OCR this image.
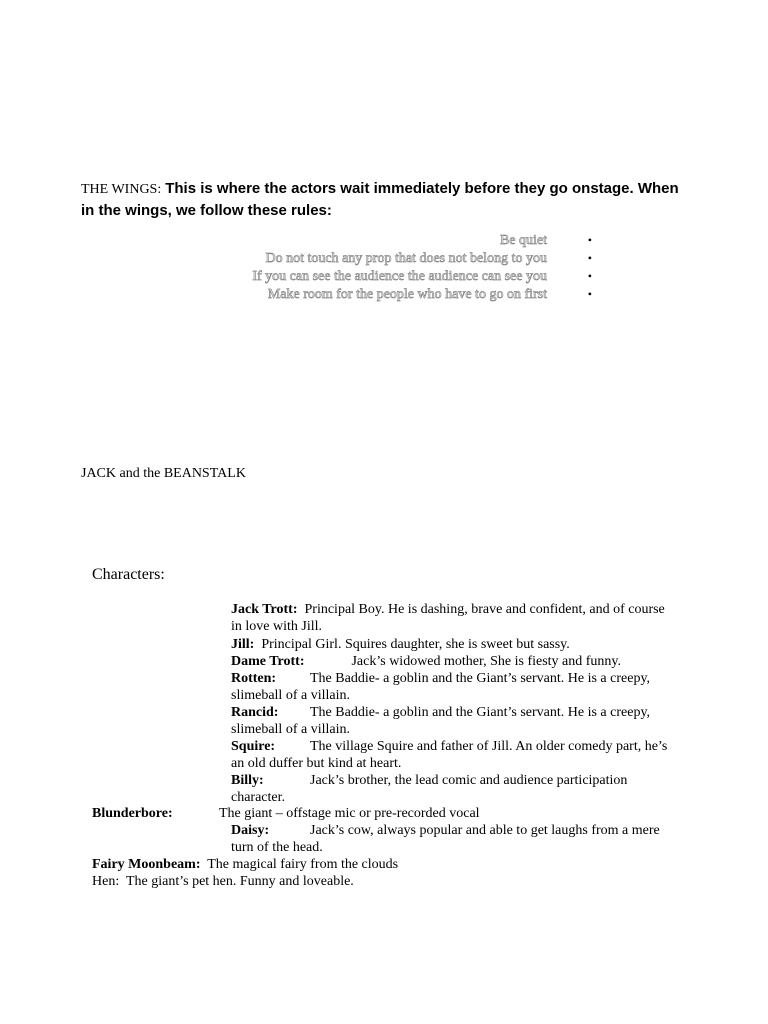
THE WINGS: This is where the actors wait immediately before they go onstage. When in the wings, we follow these rules:
Be quiet	•
Do not touch any prop that does not belong to you	•
If you can see the audience the audience can see you	•
Make room for the people who have to go on first	•
JACK and the BEANSTALK
Characters:
Jack Trott: Principal Boy. He is dashing, brave and confident, and of course in love with Jill.
Jill: Principal Girl. Squires daughter, she is sweet but sassy.
Dame Trott:	Jack’s widowed mother, She is fiesty and funny.
Rotten: The Baddie- a goblin and the Giant’s servant. He is a creepy, slimeball of a villain.
Rancid: The Baddie- a goblin and the Giant’s servant. He is a creepy, slimeball of a villain.
Squire: The village Squire and father of Jill. An older comedy part, he’s an old duffer but kind at heart.
Billy:	Jack’s brother, the lead comic and audience participation character.
Blunderbore:	The giant – offstage mic or pre-recorded vocal
Daisy:	Jack’s cow, always popular and able to get laughs from a mere turn of the head.
Fairy Moonbeam: The magical fairy from the clouds
Hen: The giant’s pet hen. Funny and loveable.
